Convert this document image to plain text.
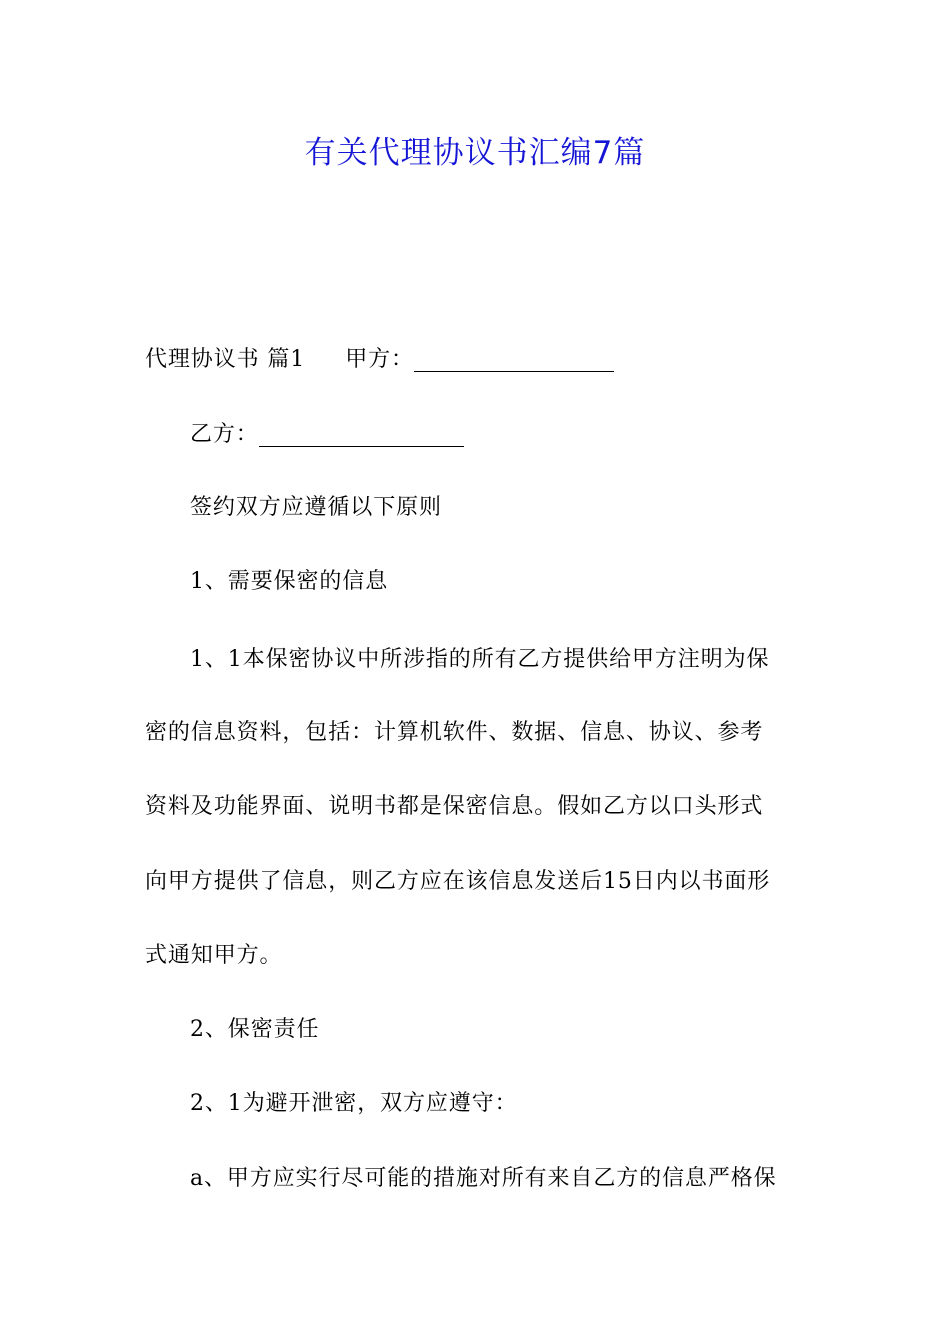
有关代理协议书汇编7篇
代理协议书 篇1 甲方：
乙方：
签约双方应遵循以下原则
1、需要保密的信息
1、1本保密协议中所涉指的所有乙方提供给甲方注明为保
密的信息资料，包括：计算机软件、数据、信息、协议、参考
资料及功能界面、说明书都是保密信息。假如乙方以口头形式
向甲方提供了信息，则乙方应在该信息发送后15日内以书面形
式通知甲方。
2、保密责任
2、1为避开泄密，双方应遵守：
a、甲方应实行尽可能的措施对所有来自乙方的信息严格保
